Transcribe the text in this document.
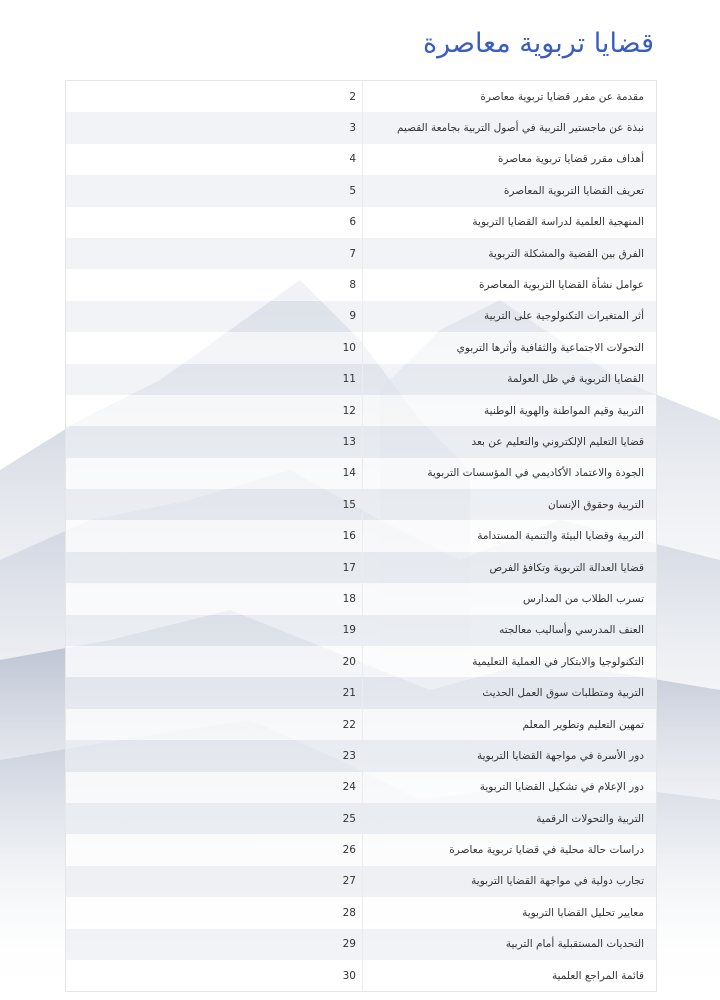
قضايا تربوية معاصرة
مقدمة عن مقرر قضايا تربوية معاصرة
2
نبذة عن ماجستير التربية في أصول التربية بجامعة القصيم
3
أهداف مقرر قضايا تربوية معاصرة
4
تعريف القضايا التربوية المعاصرة
5
المنهجية العلمية لدراسة القضايا التربوية
6
الفرق بين القضية والمشكلة التربوية
7
عوامل نشأة القضايا التربوية المعاصرة
8
أثر المتغيرات التكنولوجية على التربية
9
التحولات الاجتماعية والثقافية وأثرها التربوي
10
القضايا التربوية في ظل العولمة
11
التربية وقيم المواطنة والهوية الوطنية
12
قضايا التعليم الإلكتروني والتعليم عن بعد
13
الجودة والاعتماد الأكاديمي في المؤسسات التربوية
14
التربية وحقوق الإنسان
15
التربية وقضايا البيئة والتنمية المستدامة
16
قضايا العدالة التربوية وتكافؤ الفرص
17
تسرب الطلاب من المدارس
18
العنف المدرسي وأساليب معالجته
19
التكنولوجيا والابتكار في العملية التعليمية
20
التربية ومتطلبات سوق العمل الحديث
21
تمهين التعليم وتطوير المعلم
22
دور الأسرة في مواجهة القضايا التربوية
23
دور الإعلام في تشكيل القضايا التربوية
24
التربية والتحولات الرقمية
25
دراسات حالة محلية في قضايا تربوية معاصرة
26
تجارب دولية في مواجهة القضايا التربوية
27
معايير تحليل القضايا التربوية
28
التحديات المستقبلية أمام التربية
29
قائمة المراجع العلمية
30
